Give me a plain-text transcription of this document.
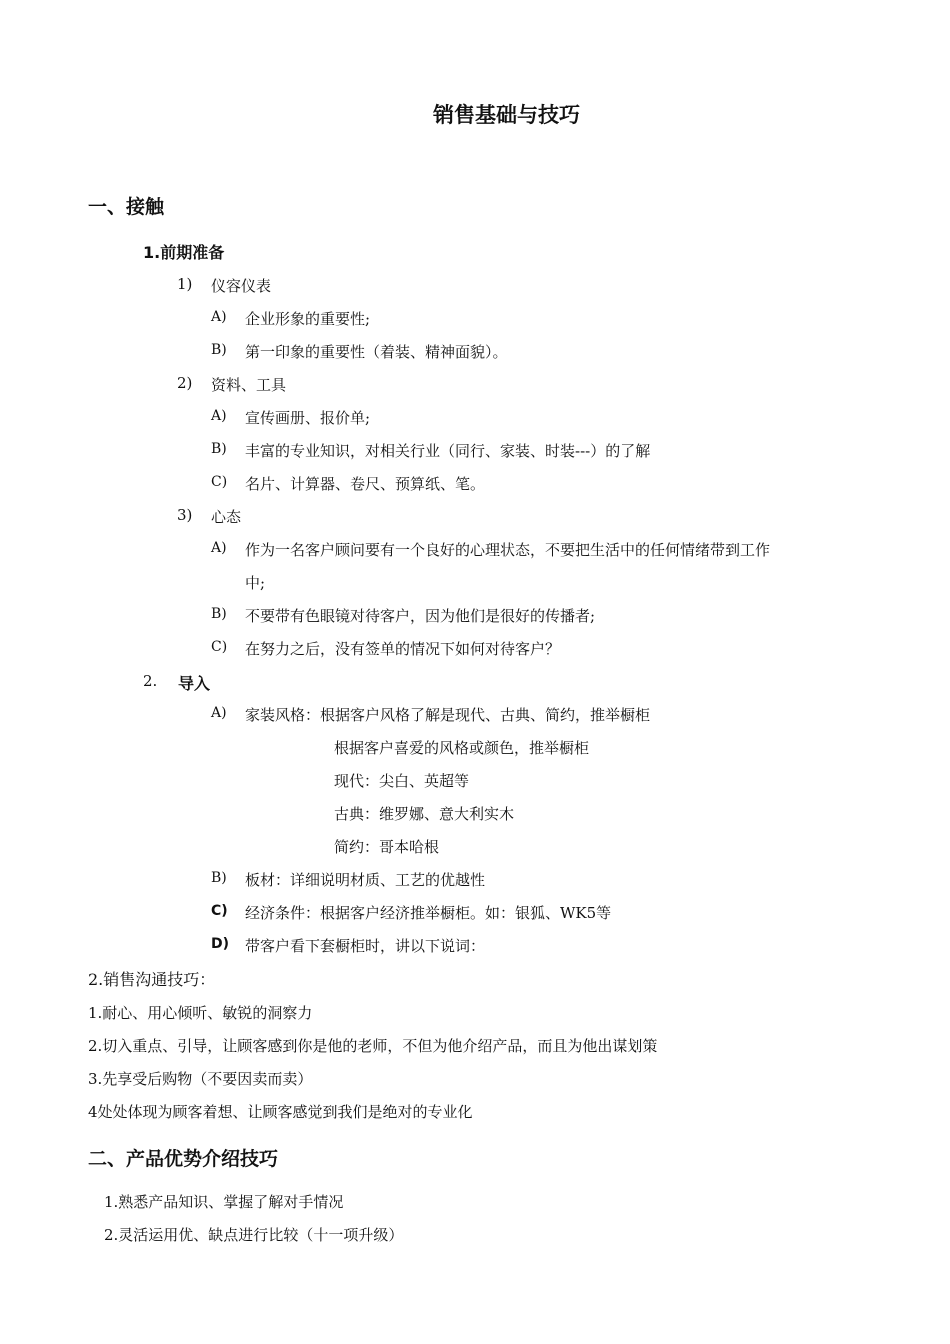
销售基础与技巧
一、接触
1.前期准备
1) 仪容仪表
A) 企业形象的重要性;
B) 第一印象的重要性（着装、精神面貌）。
2) 资料、工具
A) 宣传画册、报价单;
B) 丰富的专业知识，对相关行业（同行、家装、时装---）的了解
C) 名片、计算器、卷尺、预算纸、笔。
3) 心态
A) 作为一名客户顾问要有一个良好的心理状态，不要把生活中的任何情绪带到工作
中;
B) 不要带有色眼镜对待客户，因为他们是很好的传播者;
C) 在努力之后，没有签单的情况下如何对待客户？
2. 导入
A) 家装风格：根据客户风格了解是现代、古典、简约，推举橱柜
根据客户喜爱的风格或颜色，推举橱柜
现代：尖白、英超等
古典：维罗娜、意大利实木
简约：哥本哈根
B) 板材：详细说明材质、工艺的优越性
C) 经济条件：根据客户经济推举橱柜。如：银狐、WK5等
D) 带客户看下套橱柜时，讲以下说词：
2.销售沟通技巧：
1.耐心、用心倾听、敏锐的洞察力
2.切入重点、引导，让顾客感到你是他的老师，不但为他介绍产品，而且为他出谋划策
3.先享受后购物（不要因卖而卖）
4处处体现为顾客着想、让顾客感觉到我们是绝对的专业化
二、产品优势介绍技巧
1.熟悉产品知识、掌握了解对手情况
2.灵活运用优、缺点进行比较（十一项升级）
